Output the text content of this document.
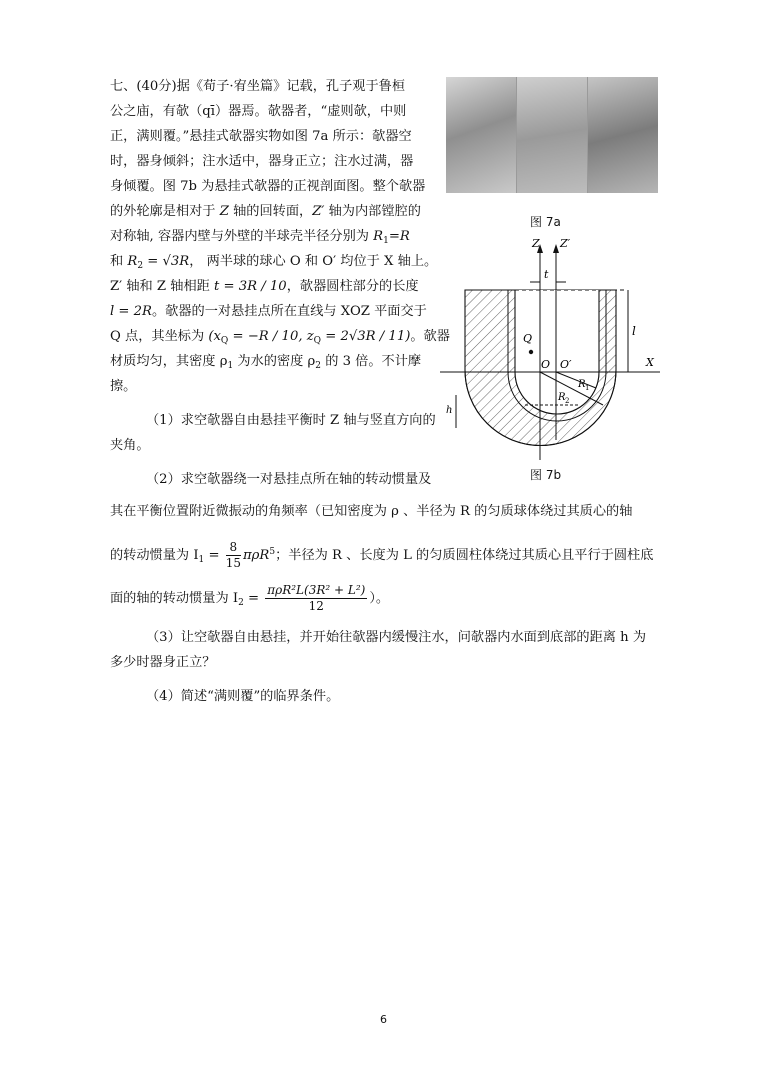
七、(40分)据《荀子·宥坐篇》记载，孔子观于鲁桓
公之庙，有欹（qī）器焉。欹器者，“虚则欹，中则
正，满则覆。”悬挂式欹器实物如图 7a 所示：欹器空
时，器身倾斜；注水适中，器身正立；注水过满，器
身倾覆。图 7b 为悬挂式欹器的正视剖面图。整个欹器
的外轮廓是相对于 Z 轴的回转面，Z′ 轴为内部镗腔的
对称轴, 容器内壁与外壁的半球壳半径分别为 $R_1=R$
和 $R_2 = √3R$， 两半球的球心 O 和 O′ 均位于 X 轴上。
Z′ 轴和 Z 轴相距 t = 3R / 10，欹器圆柱部分的长度
l = 2R。欹器的一对悬挂点所在直线与 XOZ 平面交于
Q 点，其坐标为 ($x_Q = -R / 10$, $z_Q = 2√3R / 11$)。欹器
材质均匀，其密度 $\rho_1$ 为水的密度 $\rho_2$ 的 3 倍。不计摩
擦。
（1）求空欹器自由悬挂平衡时 Z 轴与竖直方向的
夹角。
（2）求空欹器绕一对悬挂点所在轴的转动惯量及
其在平衡位置附近微振动的角频率（已知密度为 ρ 、半径为 R 的匀质球体绕过其质心的轴
的转动惯量为 $I_1 = \frac{8}{15} \pi\rho R^5$；半径为 R 、长度为 L 的匀质圆柱体绕过其质心且平行于圆柱底
面的轴的转动惯量为 $I_2 = \frac{\text{πρR²L(3R² + L²)}}{12}$ ）。
（3）让空欹器自由悬挂，并开始往欹器内缓慢注水，问欹器内水面到底部的距离 h 为
多少时器身正立？
（4）简述“满则覆”的临界条件。
图 7a
Z Z′
t
l
Q
O O′	X
R 1
R 2
h
图 7b
6
